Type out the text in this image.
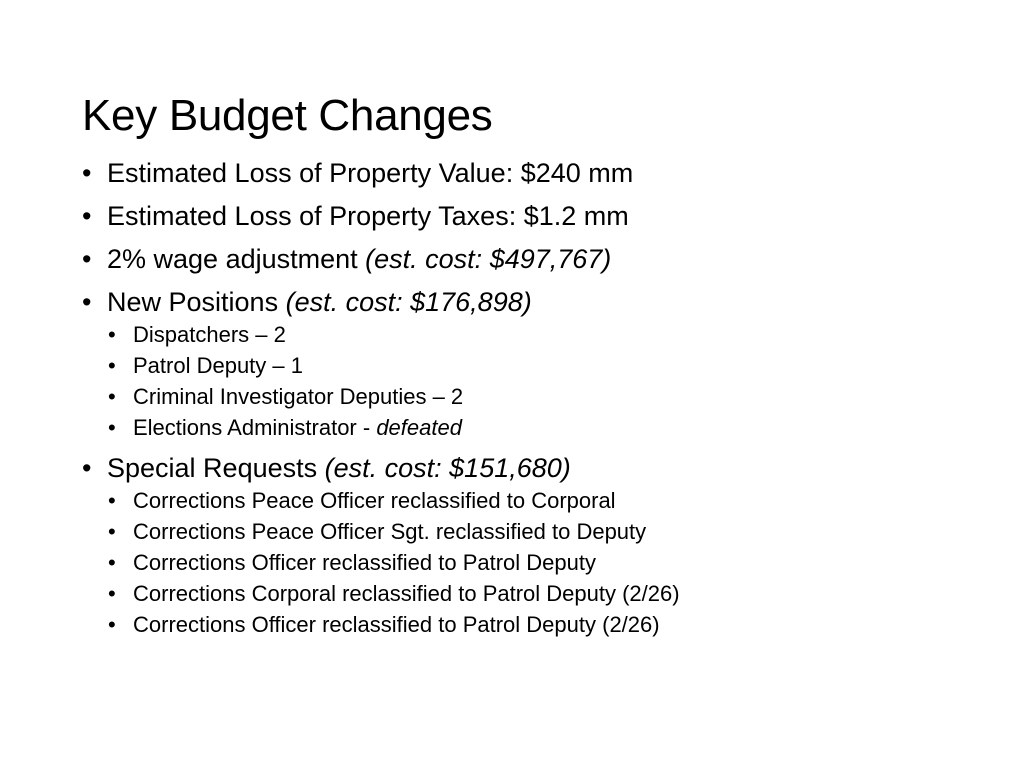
Key Budget Changes
• Estimated Loss of Property Value: $240 mm
• Estimated Loss of Property Taxes: $1.2 mm
• 2% wage adjustment (est. cost: $497,767)
• New Positions (est. cost: $176,898)
• Dispatchers – 2
• Patrol Deputy – 1
• Criminal Investigator Deputies – 2
• Elections Administrator - defeated
• Special Requests (est. cost: $151,680)
• Corrections Peace Officer reclassified to Corporal
• Corrections Peace Officer Sgt. reclassified to Deputy
• Corrections Officer reclassified to Patrol Deputy
• Corrections Corporal reclassified to Patrol Deputy (2/26)
• Corrections Officer reclassified to Patrol Deputy (2/26)
